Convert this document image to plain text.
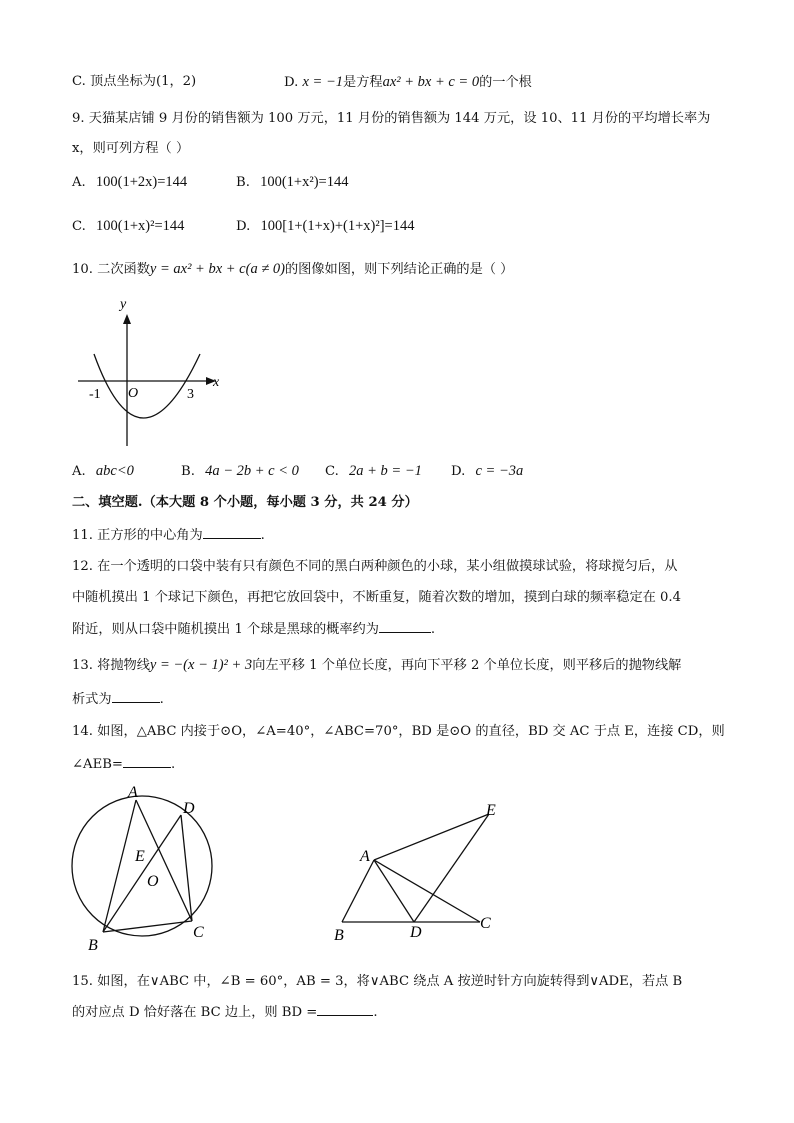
C. 顶点坐标为(1，2)	D. x = −1是方程ax² + bx + c = 0的一个根
9. 天猫某店铺 9 月份的销售额为 100 万元，11 月份的销售额为 144 万元，设 10、11 月份的平均增长率为
x，则可列方程（ ）
A. 100(1+2x)=144	B. 100(1+x²)=144
C. 100(1+x)²=144	D. 100[1+(1+x)+(1+x)²]=144
10. 二次函数y = ax² + bx + c(a ≠ 0)的图像如图，则下列结论正确的是（ ）
y
x
O
-1	3
A. abc<0	B. 4a − 2b + c < 0 C. 2a + b = −1 D. c = −3a
二、填空题.（本大题 8 个小题，每小题 3 分，共 24 分）
11. 正方形的中心角为	.
12. 在一个透明的口袋中装有只有颜色不同的黑白两种颜色的小球，某小组做摸球试验，将球搅匀后，从
中随机摸出 1 个球记下颜色，再把它放回袋中，不断重复，随着次数的增加，摸到白球的频率稳定在 0.4
附近，则从口袋中随机摸出 1 个球是黑球的概率约为	.
13. 将抛物线y = −(x − 1)² + 3向左平移 1 个单位长度，再向下平移 2 个单位长度，则平移后的抛物线解
析式为	.
14. 如图，△ABC 内接于⊙O，∠A=40°，∠ABC=70°，BD 是⊙O 的直径，BD 交 AC 于点 E，连接 CD，则
∠AEB=	.
A
D
E
O
B
C
A
E
B	D
C
15. 如图，在∨ABC 中，∠B = 60°，AB = 3，将∨ABC 绕点 A 按逆时针方向旋转得到∨ADE，若点 B
的对应点 D 恰好落在 BC 边上，则 BD =	.
